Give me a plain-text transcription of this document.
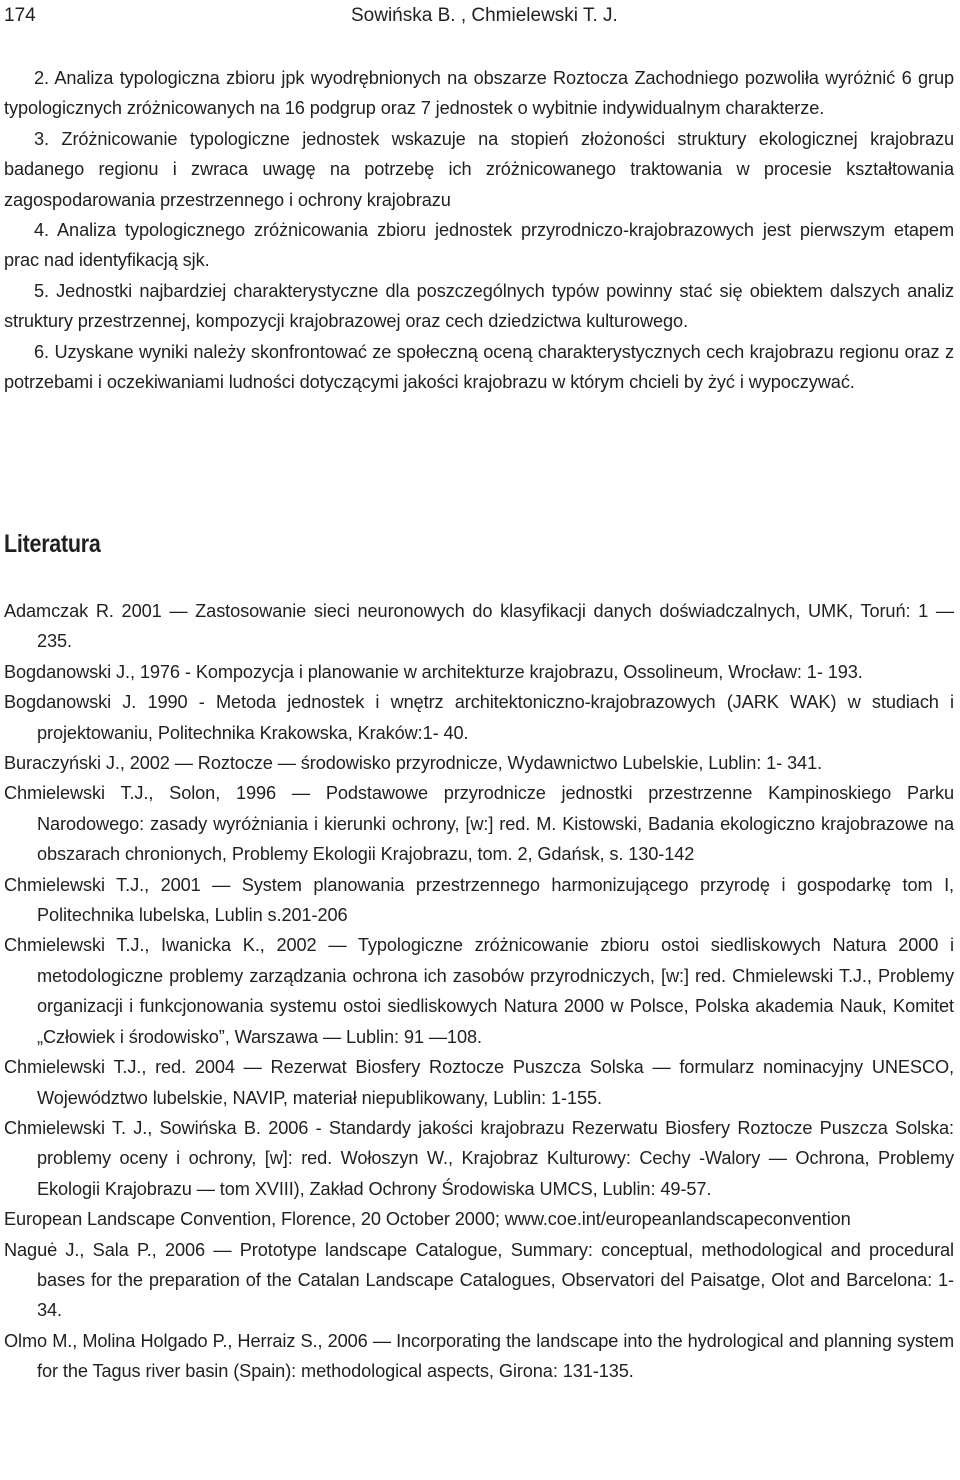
174	Sowińska B. , Chmielewski T. J.

2. Analiza typologiczna zbioru jpk wyodrębnionych na obszarze Roztocza Zachodniego pozwoliła wyróżnić 6 grup typologicznych zróżnicowanych na 16 podgrup oraz 7 jednostek o wybitnie indywidualnym charakterze.

3. Zróżnicowanie typologiczne jednostek wskazuje na stopień złożoności struktury ekologicznej krajobrazu badanego regionu i zwraca uwagę na potrzebę ich zróżnicowanego traktowania w procesie kształtowania zagospodarowania przestrzennego i ochrony krajobrazu

4. Analiza typologicznego zróżnicowania zbioru jednostek przyrodniczo-krajobrazowych jest pierwszym etapem prac nad identyfikacją sjk.

5. Jednostki najbardziej charakterystyczne dla poszczególnych typów powinny stać się obiektem dalszych analiz struktury przestrzennej, kompozycji krajobrazowej oraz cech dziedzictwa kulturowego.

6. Uzyskane wyniki należy skonfrontować ze społeczną oceną charakterystycznych cech krajobrazu regionu oraz z potrzebami i oczekiwaniami ludności dotyczącymi jakości krajobrazu w którym chcieli by żyć i wypoczywać.

Literatura
Adamczak R. 2001 — Zastosowanie sieci neuronowych do klasyfikacji danych doświadczalnych, UMK, Toruń: 1 — 235.
Bogdanowski J., 1976 - Kompozycja i planowanie w architekturze krajobrazu, Ossolineum, Wrocław: 1- 193.
Bogdanowski J. 1990 - Metoda jednostek i wnętrz architektoniczno-krajobrazowych (JARK WAK) w studiach i projektowaniu, Politechnika Krakowska, Kraków:1- 40.
Buraczyński J., 2002 — Roztocze — środowisko przyrodnicze, Wydawnictwo Lubelskie, Lublin: 1- 341.
Chmielewski T.J., Solon, 1996 — Podstawowe przyrodnicze jednostki przestrzenne Kampinoskiego Parku Narodowego: zasady wyróżniania i kierunki ochrony, [w:] red. M. Kistowski, Badania ekologiczno krajobrazowe na obszarach chronionych, Problemy Ekologii Krajobrazu, tom. 2, Gdańsk, s. 130-142
Chmielewski T.J., 2001 — System planowania przestrzennego harmonizującego przyrodę i gospodarkę tom I, Politechnika lubelska, Lublin s.201-206
Chmielewski T.J., Iwanicka K., 2002 — Typologiczne zróżnicowanie zbioru ostoi siedliskowych Natura 2000 i metodologiczne problemy zarządzania ochrona ich zasobów przyrodniczych, [w:] red. Chmielewski T.J., Problemy organizacji i funkcjonowania systemu ostoi siedliskowych Natura 2000 w Polsce, Polska akademia Nauk, Komitet „Człowiek i środowisko”, Warszawa — Lublin: 91 —108.
Chmielewski T.J., red. 2004 — Rezerwat Biosfery Roztocze Puszcza Solska — formularz nominacyjny UNESCO, Województwo lubelskie, NAVIP, materiał niepublikowany, Lublin: 1-155.
Chmielewski T. J., Sowińska B. 2006 - Standardy jakości krajobrazu Rezerwatu Biosfery Roztocze Puszcza Solska: problemy oceny i ochrony, [w]: red. Wołoszyn W., Krajobraz Kulturowy: Cechy -Walory — Ochrona, Problemy Ekologii Krajobrazu — tom XVIII), Zakład Ochrony Środowiska UMCS, Lublin: 49-57.
European Landscape Convention, Florence, 20 October 2000; www.coe.int/europeanlandscapeconvention
Naguė J., Sala P., 2006 — Prototype landscape Catalogue, Summary: conceptual, methodological and procedural bases for the preparation of the Catalan Landscape Catalogues, Observatori del Paisatge, Olot and Barcelona: 1-34.
Olmo M., Molina Holgado P., Herraiz S., 2006 — Incorporating the landscape into the hydrological and planning system for the Tagus river basin (Spain): methodological aspects, Girona: 131-135.
